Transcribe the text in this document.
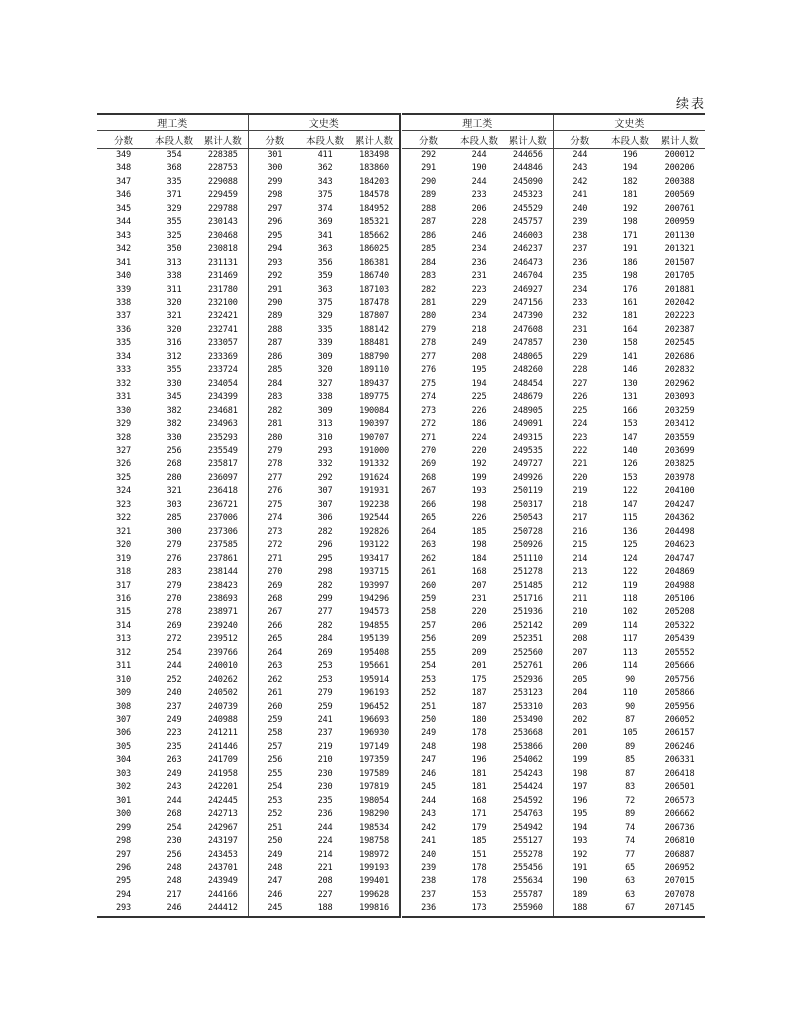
续表
理工类			文史类		
分数	本段人数	累计人数	分数	本段人数	累计人数
349	354	228385	301	411	183498
348	368	228753	300	362	183860
347	335	229088	299	343	184203
346	371	229459	298	375	184578
345	329	229788	297	374	184952
344	355	230143	296	369	185321
343	325	230468	295	341	185662
342	350	230818	294	363	186025
341	313	231131	293	356	186381
340	338	231469	292	359	186740
339	311	231780	291	363	187103
338	320	232100	290	375	187478
337	321	232421	289	329	187807
336	320	232741	288	335	188142
335	316	233057	287	339	188481
334	312	233369	286	309	188790
333	355	233724	285	320	189110
332	330	234054	284	327	189437
331	345	234399	283	338	189775
330	382	234681	282	309	190084
329	382	234963	281	313	190397
328	330	235293	280	310	190707
327	256	235549	279	293	191000
326	268	235817	278	332	191332
325	280	236097	277	292	191624
324	321	236418	276	307	191931
323	303	236721	275	307	192238
322	285	237006	274	306	192544
321	300	237306	273	282	192826
320	279	237585	272	296	193122
319	276	237861	271	295	193417
318	283	238144	270	298	193715
317	279	238423	269	282	193997
316	270	238693	268	299	194296
315	278	238971	267	277	194573
314	269	239240	266	282	194855
313	272	239512	265	284	195139
312	254	239766	264	269	195408
311	244	240010	263	253	195661
310	252	240262	262	253	195914
309	240	240502	261	279	196193
308	237	240739	260	259	196452
307	249	240988	259	241	196693
306	223	241211	258	237	196930
305	235	241446	257	219	197149
304	263	241709	256	210	197359
303	249	241958	255	230	197589
302	243	242201	254	230	197819
301	244	242445	253	235	198054
300	268	242713	252	236	198290
299	254	242967	251	244	198534
298	230	243197	250	224	198758
297	256	243453	249	214	198972
296	248	243701	248	221	199193
295	248	243949	247	208	199401
294	217	244166	246	227	199628
293	246	244412	245	188	199816
理工类			文史类		
分数	本段人数	累计人数	分数	本段人数	累计人数
292	244	244656	244	196	200012
291	190	244846	243	194	200206
290	244	245090	242	182	200388
289	233	245323	241	181	200569
288	206	245529	240	192	200761
287	228	245757	239	198	200959
286	246	246003	238	171	201130
285	234	246237	237	191	201321
284	236	246473	236	186	201507
283	231	246704	235	198	201705
282	223	246927	234	176	201881
281	229	247156	233	161	202042
280	234	247390	232	181	202223
279	218	247608	231	164	202387
278	249	247857	230	158	202545
277	208	248065	229	141	202686
276	195	248260	228	146	202832
275	194	248454	227	130	202962
274	225	248679	226	131	203093
273	226	248905	225	166	203259
272	186	249091	224	153	203412
271	224	249315	223	147	203559
270	220	249535	222	140	203699
269	192	249727	221	126	203825
268	199	249926	220	153	203978
267	193	250119	219	122	204100
266	198	250317	218	147	204247
265	226	250543	217	115	204362
264	185	250728	216	136	204498
263	198	250926	215	125	204623
262	184	251110	214	124	204747
261	168	251278	213	122	204869
260	207	251485	212	119	204988
259	231	251716	211	118	205106
258	220	251936	210	102	205208
257	206	252142	209	114	205322
256	209	252351	208	117	205439
255	209	252560	207	113	205552
254	201	252761	206	114	205666
253	175	252936	205	90	205756
252	187	253123	204	110	205866
251	187	253310	203	90	205956
250	180	253490	202	87	206052
249	178	253668	201	105	206157
248	198	253866	200	89	206246
247	196	254062	199	85	206331
246	181	254243	198	87	206418
245	181	254424	197	83	206501
244	168	254592	196	72	206573
243	171	254763	195	89	206662
242	179	254942	194	74	206736
241	185	255127	193	74	206810
240	151	255278	192	77	206887
239	178	255456	191	65	206952
238	178	255634	190	63	207015
237	153	255787	189	63	207078
236	173	255960	188	67	207145
